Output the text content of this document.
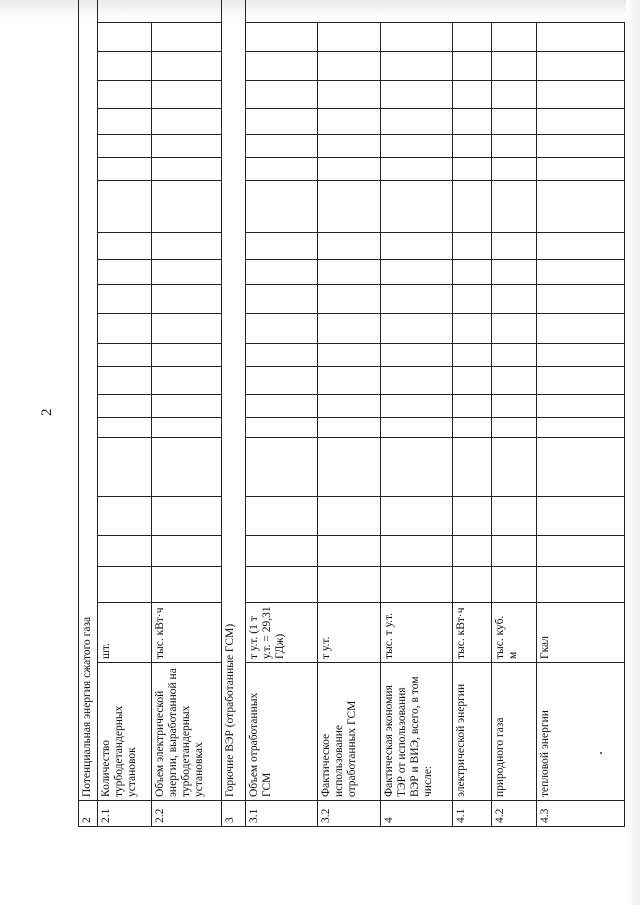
2
2	Потенциальная энергия сжатого газа																				
2.1	Количество турбодетандерных установок	шт.																			
2.2	Объем электрической энергии, выработанной на турбодетандерных установках	тыс. кВт·ч																			
3	Горючие ВЭР (отработанные ГСМ)																				
3.1	Объем отработанных ГСМ	т у.т. (1 т у.т. = 29,31 ГДж)																			
3.2	Фактическое использование отработанных ГСМ	т у.т.																			
4	Фактическая экономия ТЭР от использования ВЭР и ВИЭ, всего, в том числе:	тыс. т у.т.																			
4.1	электрической энергии	тыс. кВт·ч																			
4.2	природного газа	тыс. куб. м																			
4.3	тепловой энергии	Гкал																			
